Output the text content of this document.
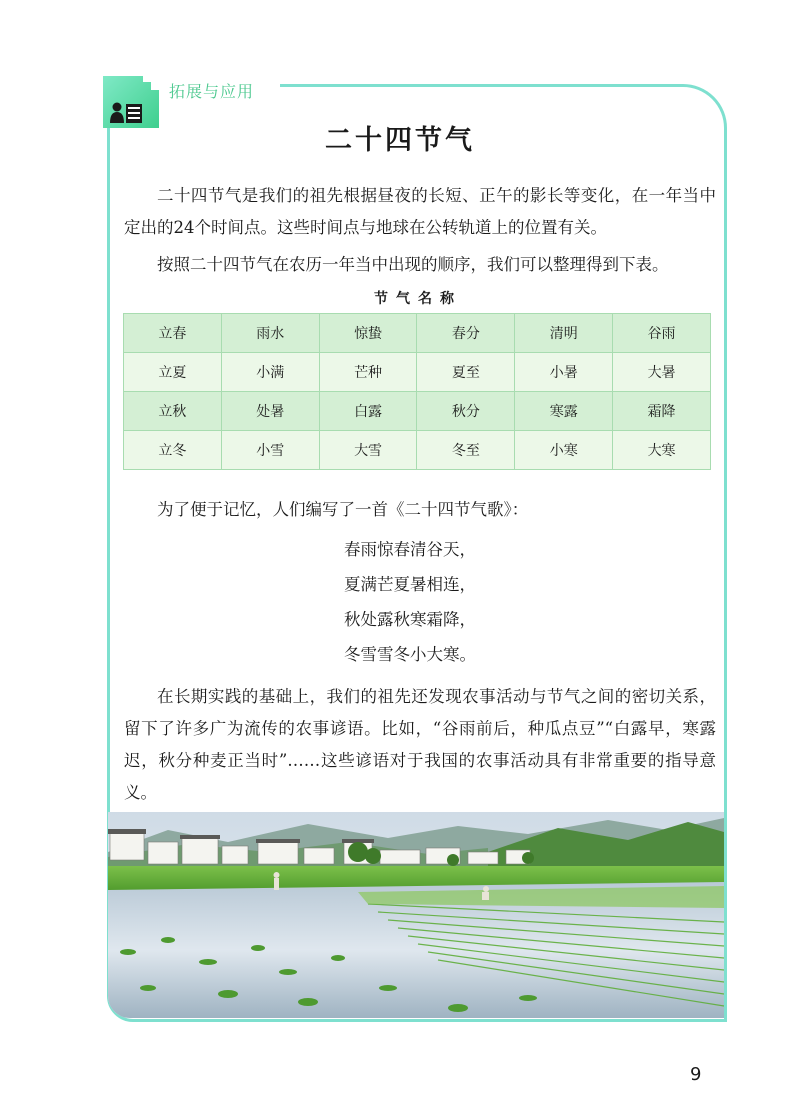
拓展与应用
二十四节气

二十四节气是我们的祖先根据昼夜的长短、正午的影长等变化，在一年当中定出的24个时间点。这些时间点与地球在公转轨道上的位置有关。

按照二十四节气在农历一年当中出现的顺序，我们可以整理得到下表。

节气名称
立春	雨水	惊蛰	春分	清明	谷雨
立夏	小满	芒种	夏至	小暑	大暑
立秋	处暑	白露	秋分	寒露	霜降
立冬	小雪	大雪	冬至	小寒	大寒

为了便于记忆，人们编写了一首《二十四节气歌》：

春雨惊春清谷天，
夏满芒夏暑相连，
秋处露秋寒霜降，
冬雪雪冬小大寒。

在长期实践的基础上，我们的祖先还发现农事活动与节气之间的密切关系，留下了许多广为流传的农事谚语。比如，“谷雨前后，种瓜点豆”“白露早，寒露迟，秋分种麦正当时”……这些谚语对于我国的农事活动具有非常重要的指导意义。

9
